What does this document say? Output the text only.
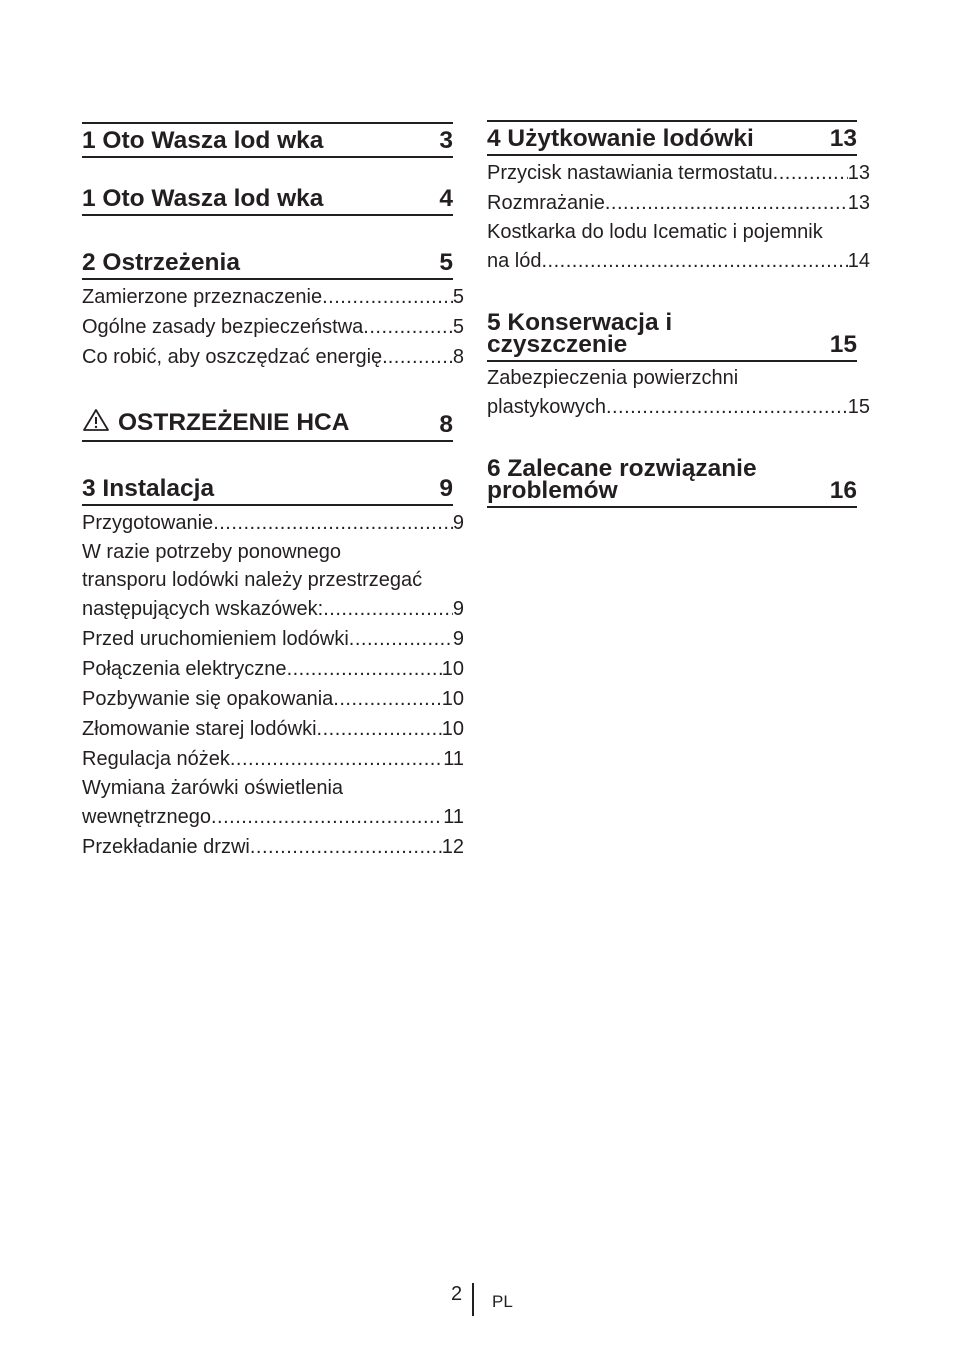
1 Oto Wasza lod wka	3
1 Oto Wasza lod wka	4
2 Ostrzeżenia	5
Zamierzone przeznaczenie .....	5
Ogólne zasady bezpieczeństwa .....	5
Co robić, aby oszczędzać energię. .....	8
OSTRZEŻENIE HCA	8
3 Instalacja	9
Przygotowanie .....	9
W razie potrzeby ponownego
transporu lodówki należy przestrzegać
następujących wskazówek: .....	9
Przed uruchomieniem lodówki .....	9
Połączenia elektryczne .....	10
Pozbywanie się opakowania .....	10
Złomowanie starej lodówki .....	10
Regulacja nóżek .....	11
Wymiana żarówki oświetlenia
wewnętrznego .....	11
Przekładanie drzwi .....	12
4 Użytkowanie lodówki	13
Przycisk nastawiania termostatu .....	13
Rozmrażanie .....	13
Kostkarka do lodu Icematic i pojemnik
na lód .....	14
5 Konserwacja i
czyszczenie	15
Zabezpieczenia powierzchni
plastykowych .....	15
6 Zalecane rozwiązanie
problemów	16
2 PL
